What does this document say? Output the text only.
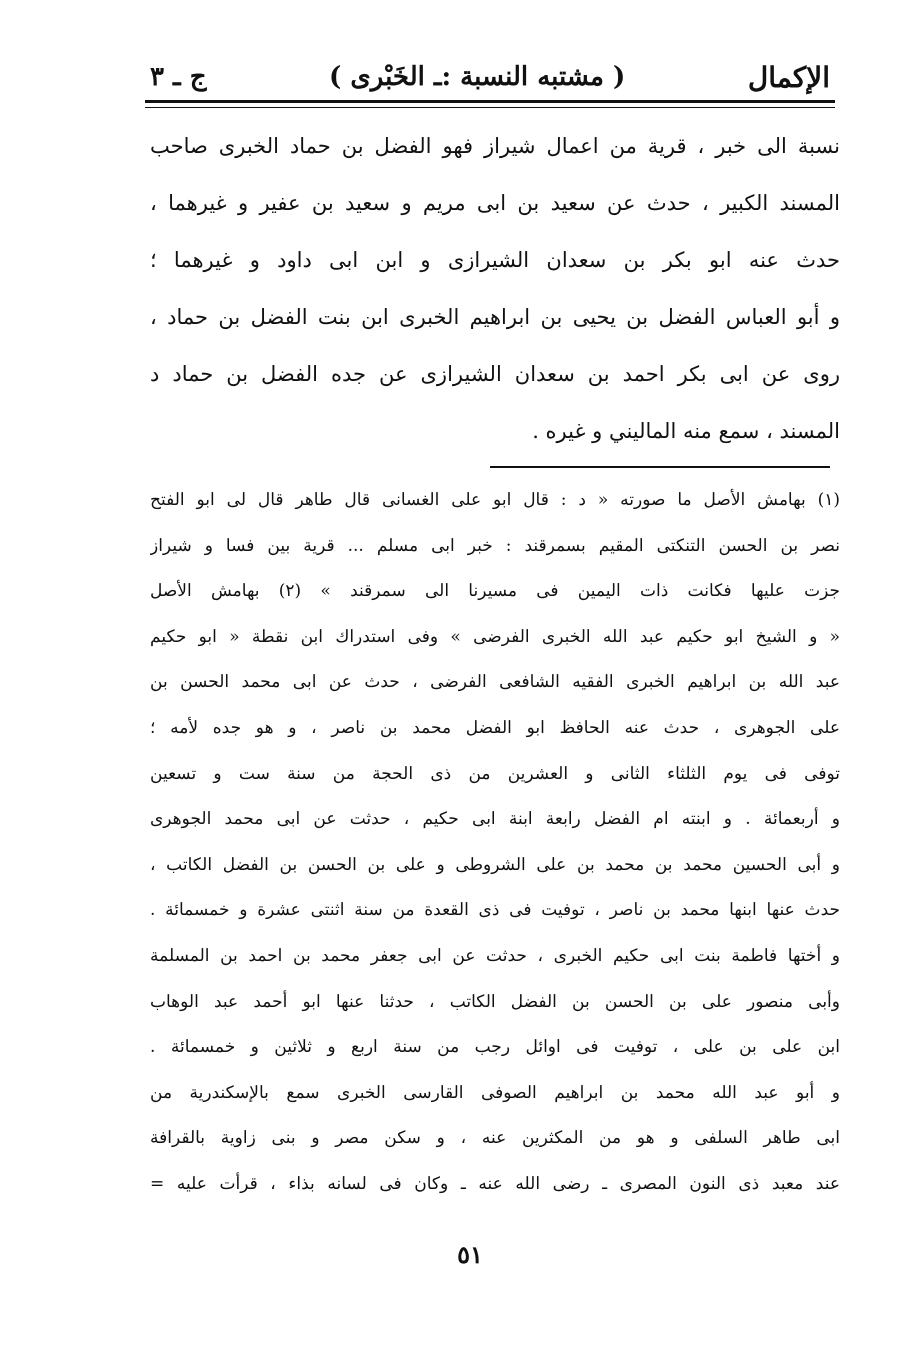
الإكمال
( مشتبه النسبة :ـ الخَبْرى )
ج ـ ٣
نسبة الى خبر ، قرية من اعمال شيراز فهو الفضل بن حماد الخبرى صاحب
المسند الكبير ، حدث عن سعيد بن ابى مريم و سعيد بن عفير و غيرهما ،
حدث عنه ابو بكر بن سعدان الشيرازى و ابن ابى داود و غيرهما ؛
و أبو العباس الفضل بن يحيى بن ابراهيم الخبرى ابن بنت الفضل بن حماد ،
روى عن ابى بكر احمد بن سعدان الشيرازى عن جده الفضل بن حماد د
المسند ، سمع منه الماليني و غيره .
(١) بهامش الأصل ما صورته « د : قال ابو على الغسانى قال طاهر قال لى ابو الفتح
نصر بن الحسن التنكتى المقيم بسمرقند : خبر ابى مسلم ... قرية بين فسا و شيراز
جزت عليها فكانت ذات اليمين فى مسيرنا الى سمرقند » (٢) بهامش الأصل
« و الشيخ ابو حكيم عبد الله الخبرى الفرضى » وفى استدراك ابن نقطة « ابو حكيم
عبد الله بن ابراهيم الخبرى الفقيه الشافعى الفرضى ، حدث عن ابى محمد الحسن بن
على الجوهرى ، حدث عنه الحافظ ابو الفضل محمد بن ناصر ، و هو جده لأمه ؛
توفى فى يوم الثلثاء الثانى و العشرين من ذى الحجة من سنة ست و تسعين
و أربعمائة . و ابنته ام الفضل رابعة ابنة ابى حكيم ، حدثت عن ابى محمد الجوهرى
و أبى الحسين محمد بن محمد بن على الشروطى و على بن الحسن بن الفضل الكاتب ،
حدث عنها ابنها محمد بن ناصر ، توفيت فى ذى القعدة من سنة اثنتى عشرة و خمسمائة .
و أختها فاطمة بنت ابى حكيم الخبرى ، حدثت عن ابى جعفر محمد بن احمد بن المسلمة
وأبى منصور على بن الحسن بن الفضل الكاتب ، حدثنا عنها ابو أحمد عبد الوهاب
ابن على بن على ، توفيت فى اوائل رجب من سنة اربع و ثلاثين و خمسمائة .
و أبو عبد الله محمد بن ابراهيم الصوفى القارسى الخبرى سمع بالإسكندرية من
ابى طاهر السلفى و هو من المكثرين عنه ، و سكن مصر و بنى زاوية بالقرافة
عند معبد ذى النون المصرى ـ رضى الله عنه ـ وكان فى لسانه بذاء ، قرأت عليه =
٥١
